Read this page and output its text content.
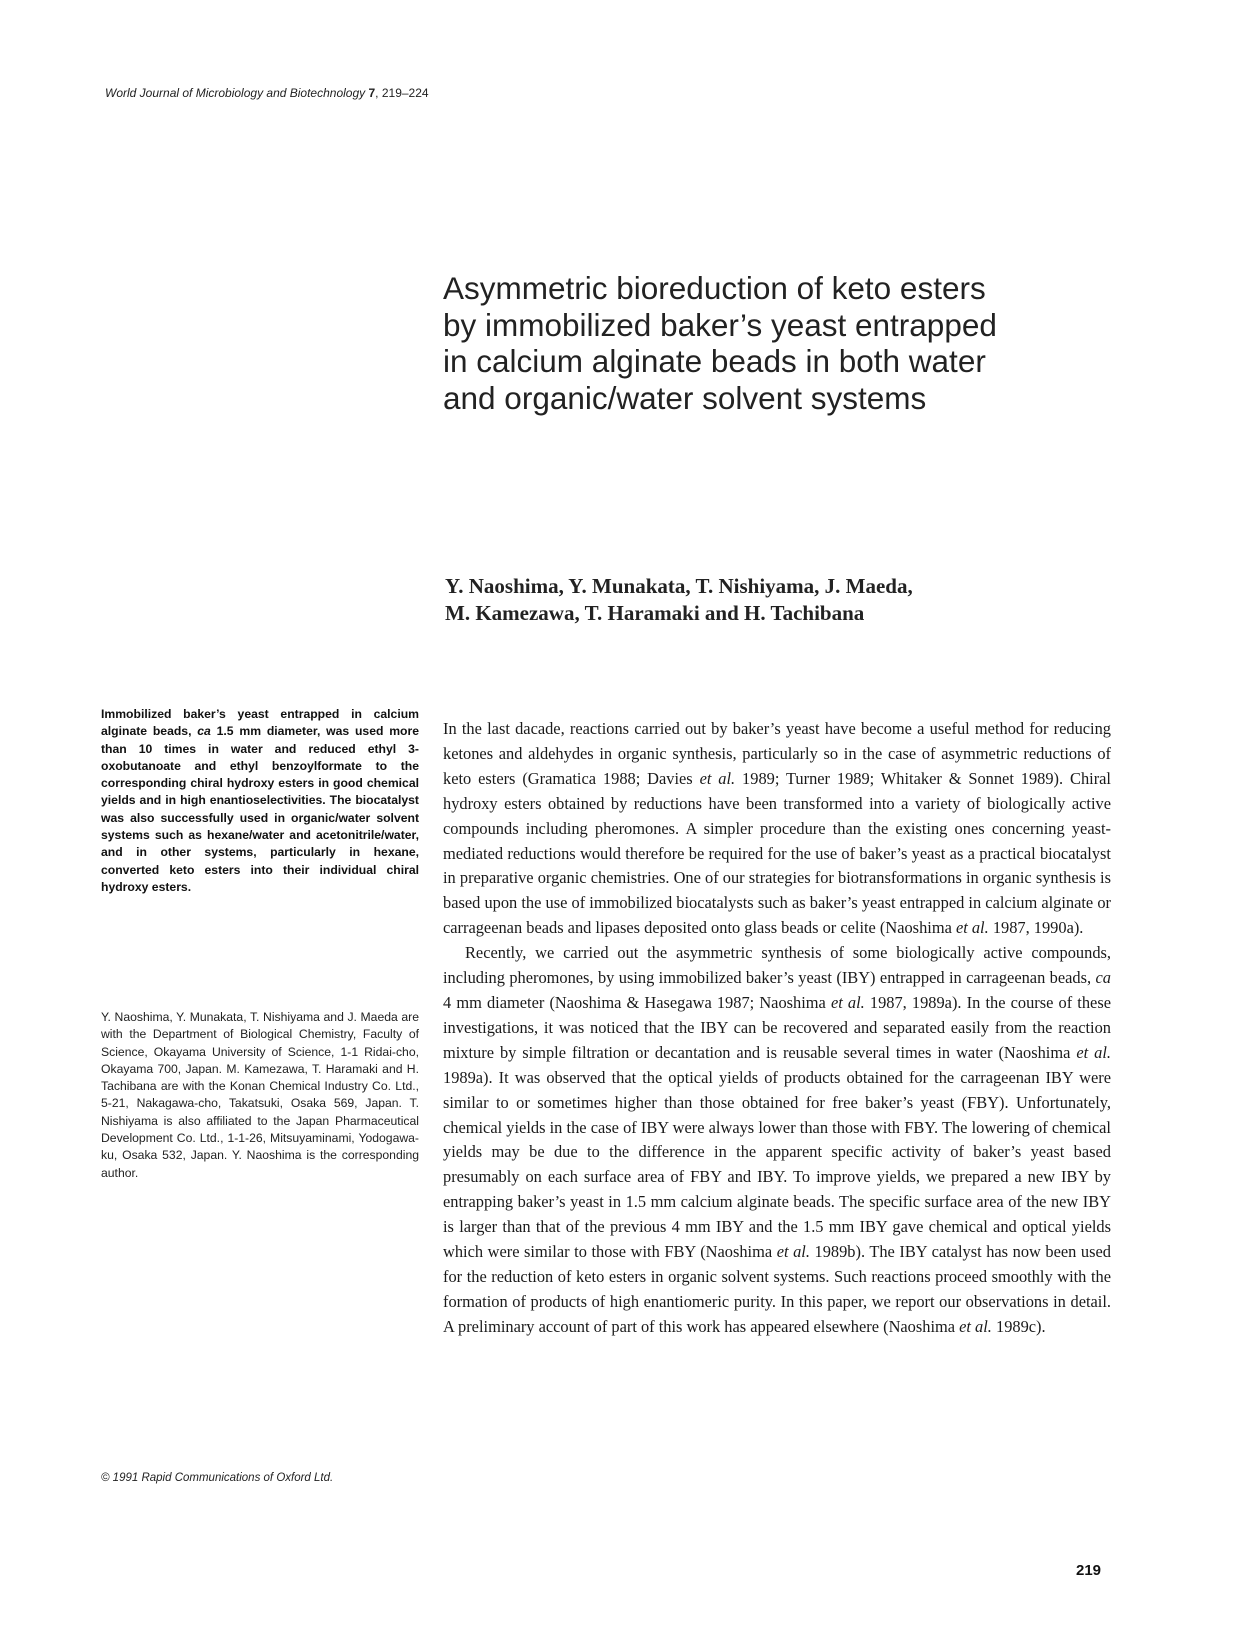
World Journal of Microbiology and Biotechnology 7, 219–224
Asymmetric bioreduction of keto esters
by immobilized baker’s yeast entrapped
in calcium alginate beads in both water
and organic/water solvent systems
Y. Naoshima, Y. Munakata, T. Nishiyama, J. Maeda,
M. Kamezawa, T. Haramaki and H. Tachibana

Immobilized baker’s yeast entrapped in calcium alginate beads, ca 1.5 mm diameter, was used more than 10 times in water and reduced ethyl 3-oxobutanoate and ethyl benzoylformate to the corresponding chiral hydroxy esters in good chemical yields and in high enantioselectivities. The biocatalyst was also successfully used in organic/water solvent systems such as hexane/water and acetonitrile/water, and in other systems, particularly in hexane, converted keto esters into their individual chiral hydroxy esters.

Y. Naoshima, Y. Munakata, T. Nishiyama and J. Maeda are with the Department of Biological Chemistry, Faculty of Science, Okayama University of Science, 1-1 Ridai-cho, Okayama 700, Japan. M. Kamezawa, T. Haramaki and H. Tachibana are with the Konan Chemical Industry Co. Ltd., 5-21, Nakagawa-cho, Takatsuki, Osaka 569, Japan. T. Nishiyama is also affiliated to the Japan Pharmaceutical Development Co. Ltd., 1-1-26, Mitsuyaminami, Yodogawa-ku, Osaka 532, Japan. Y. Naoshima is the corresponding author.

© 1991 Rapid Communications of Oxford Ltd.

In the last dacade, reactions carried out by baker’s yeast have become a useful method for reducing ketones and aldehydes in organic synthesis, particularly so in the case of asymmetric reductions of keto esters (Gramatica 1988; Davies et al. 1989; Turner 1989; Whitaker & Sonnet 1989). Chiral hydroxy esters obtained by reductions have been transformed into a variety of biologically active compounds including pheromones. A simpler procedure than the existing ones concerning yeast-mediated reductions would therefore be required for the use of baker’s yeast as a practical biocatalyst in preparative organic chemistries. One of our strategies for biotransformations in organic synthesis is based upon the use of immobilized biocatalysts such as baker’s yeast entrapped in calcium alginate or carrageenan beads and lipases deposited onto glass beads or celite (Naoshima et al. 1987, 1990a).

Recently, we carried out the asymmetric synthesis of some biologically active compounds, including pheromones, by using immobilized baker’s yeast (IBY) entrapped in carrageenan beads, ca 4 mm diameter (Naoshima & Hasegawa 1987; Naoshima et al. 1987, 1989a). In the course of these investigations, it was noticed that the IBY can be recovered and separated easily from the reaction mixture by simple filtration or decantation and is reusable several times in water (Naoshima et al. 1989a). It was observed that the optical yields of products obtained for the carrageenan IBY were similar to or sometimes higher than those obtained for free baker’s yeast (FBY). Unfortunately, chemical yields in the case of IBY were always lower than those with FBY. The lowering of chemical yields may be due to the difference in the apparent specific activity of baker’s yeast based presumably on each surface area of FBY and IBY. To improve yields, we prepared a new IBY by entrapping baker’s yeast in 1.5 mm calcium alginate beads. The specific surface area of the new IBY is larger than that of the previous 4 mm IBY and the 1.5 mm IBY gave chemical and optical yields which were similar to those with FBY (Naoshima et al. 1989b). The IBY catalyst has now been used for the reduction of keto esters in organic solvent systems. Such reactions proceed smoothly with the formation of products of high enantiomeric purity. In this paper, we report our observations in detail. A preliminary account of part of this work has appeared elsewhere (Naoshima et al. 1989c).

219
